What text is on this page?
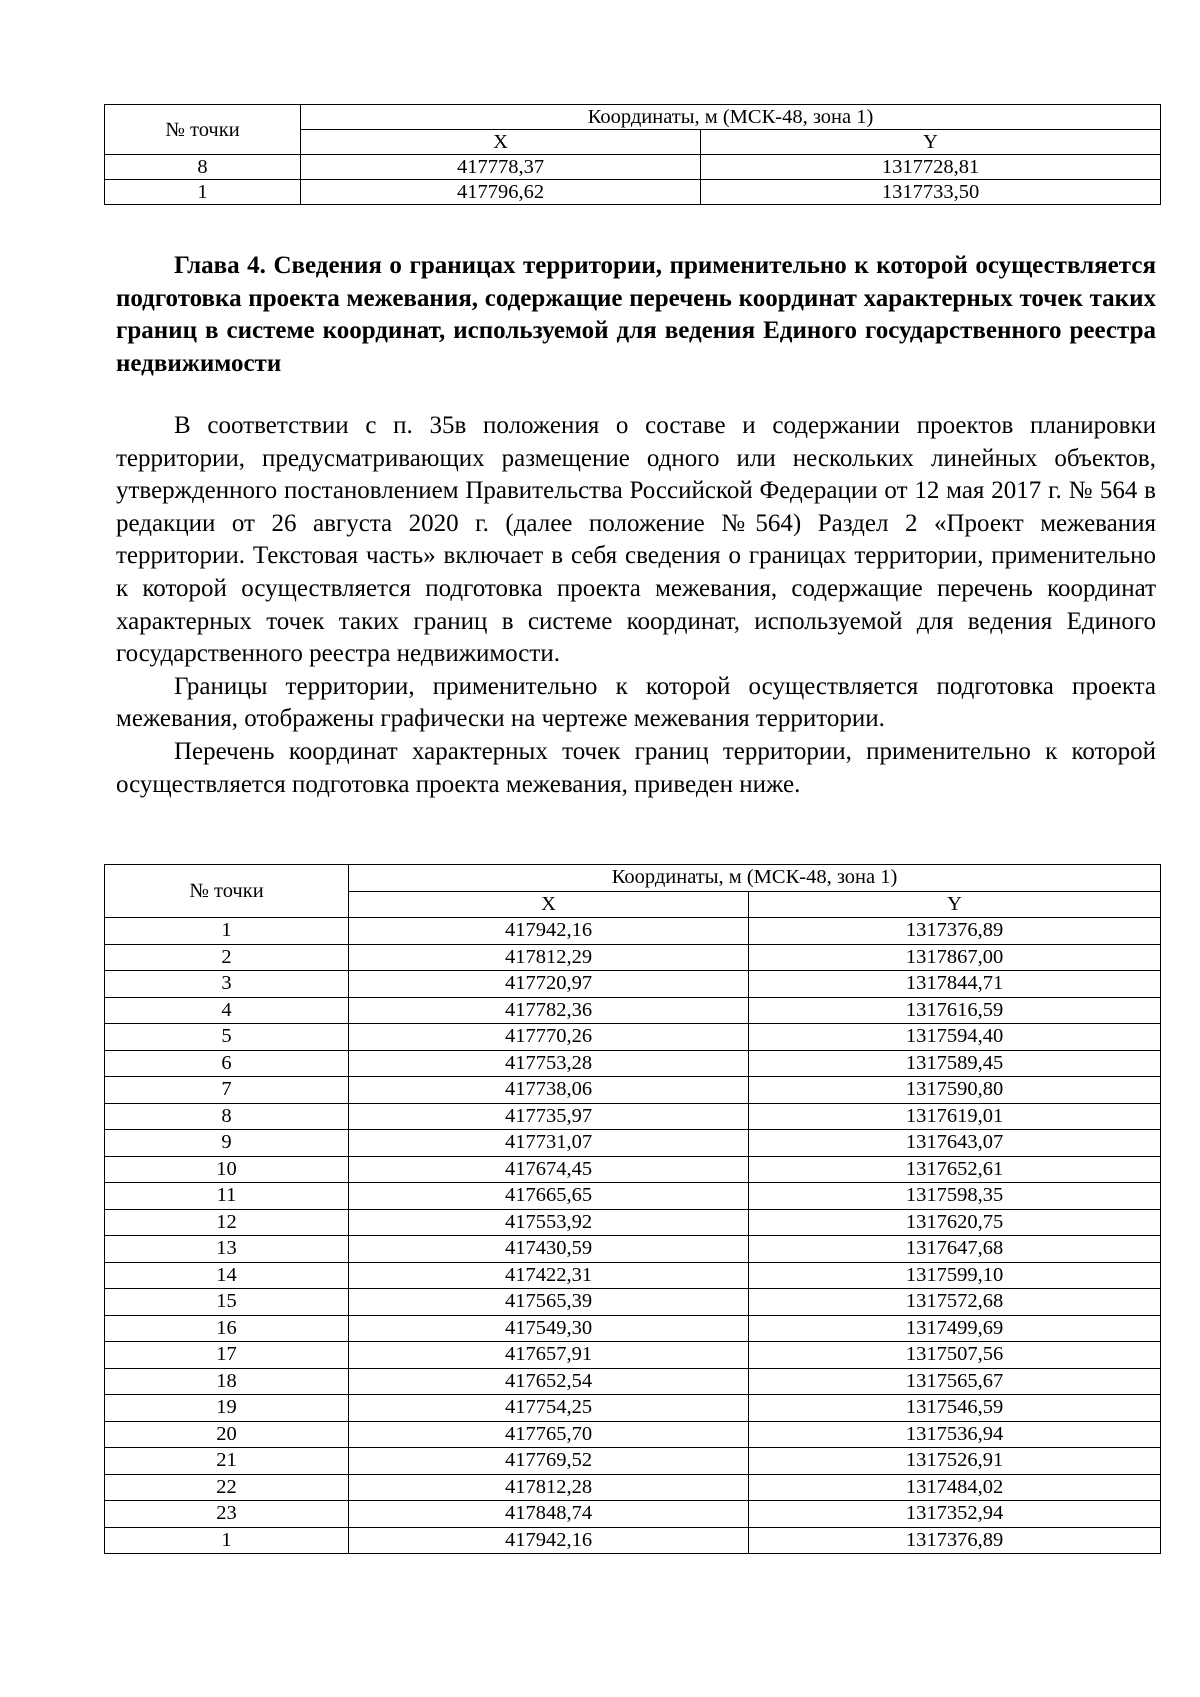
№ точки	Координаты, м (МСК-48, зона 1)	
	X	Y
8	417778,37	1317728,81
1	417796,62	1317733,50

Глава 4. Сведения о границах территории, применительно к которой осуществляется подготовка проекта межевания, содержащие перечень координат характерных точек таких границ в системе координат, используемой для ведения Единого государственного реестра недвижимости

В соответствии с п. 35в положения о составе и содержании проектов планировки территории, предусматривающих размещение одного или нескольких линейных объектов, утвержденного постановлением Правительства Российской Федерации от 12 мая 2017 г. № 564 в редакции от 26 августа 2020 г. (далее положение №564) Раздел 2 «Проект межевания территории. Текстовая часть» включает в себя сведения о границах территории, применительно к которой осуществляется подготовка проекта межевания, содержащие перечень координат характерных точек таких границ в системе координат, используемой для ведения Единого государственного реестра недвижимости.

Границы территории, применительно к которой осуществляется подготовка проекта межевания, отображены графически на чертеже межевания территории.

Перечень координат характерных точек границ территории, применительно к которой осуществляется подготовка проекта межевания, приведен ниже.

№ точки	Координаты, м (МСК-48, зона 1)	
	X	Y
1	417942,16	1317376,89
2	417812,29	1317867,00
3	417720,97	1317844,71
4	417782,36	1317616,59
5	417770,26	1317594,40
6	417753,28	1317589,45
7	417738,06	1317590,80
8	417735,97	1317619,01
9	417731,07	1317643,07
10	417674,45	1317652,61
11	417665,65	1317598,35
12	417553,92	1317620,75
13	417430,59	1317647,68
14	417422,31	1317599,10
15	417565,39	1317572,68
16	417549,30	1317499,69
17	417657,91	1317507,56
18	417652,54	1317565,67
19	417754,25	1317546,59
20	417765,70	1317536,94
21	417769,52	1317526,91
22	417812,28	1317484,02
23	417848,74	1317352,94
1	417942,16	1317376,89
